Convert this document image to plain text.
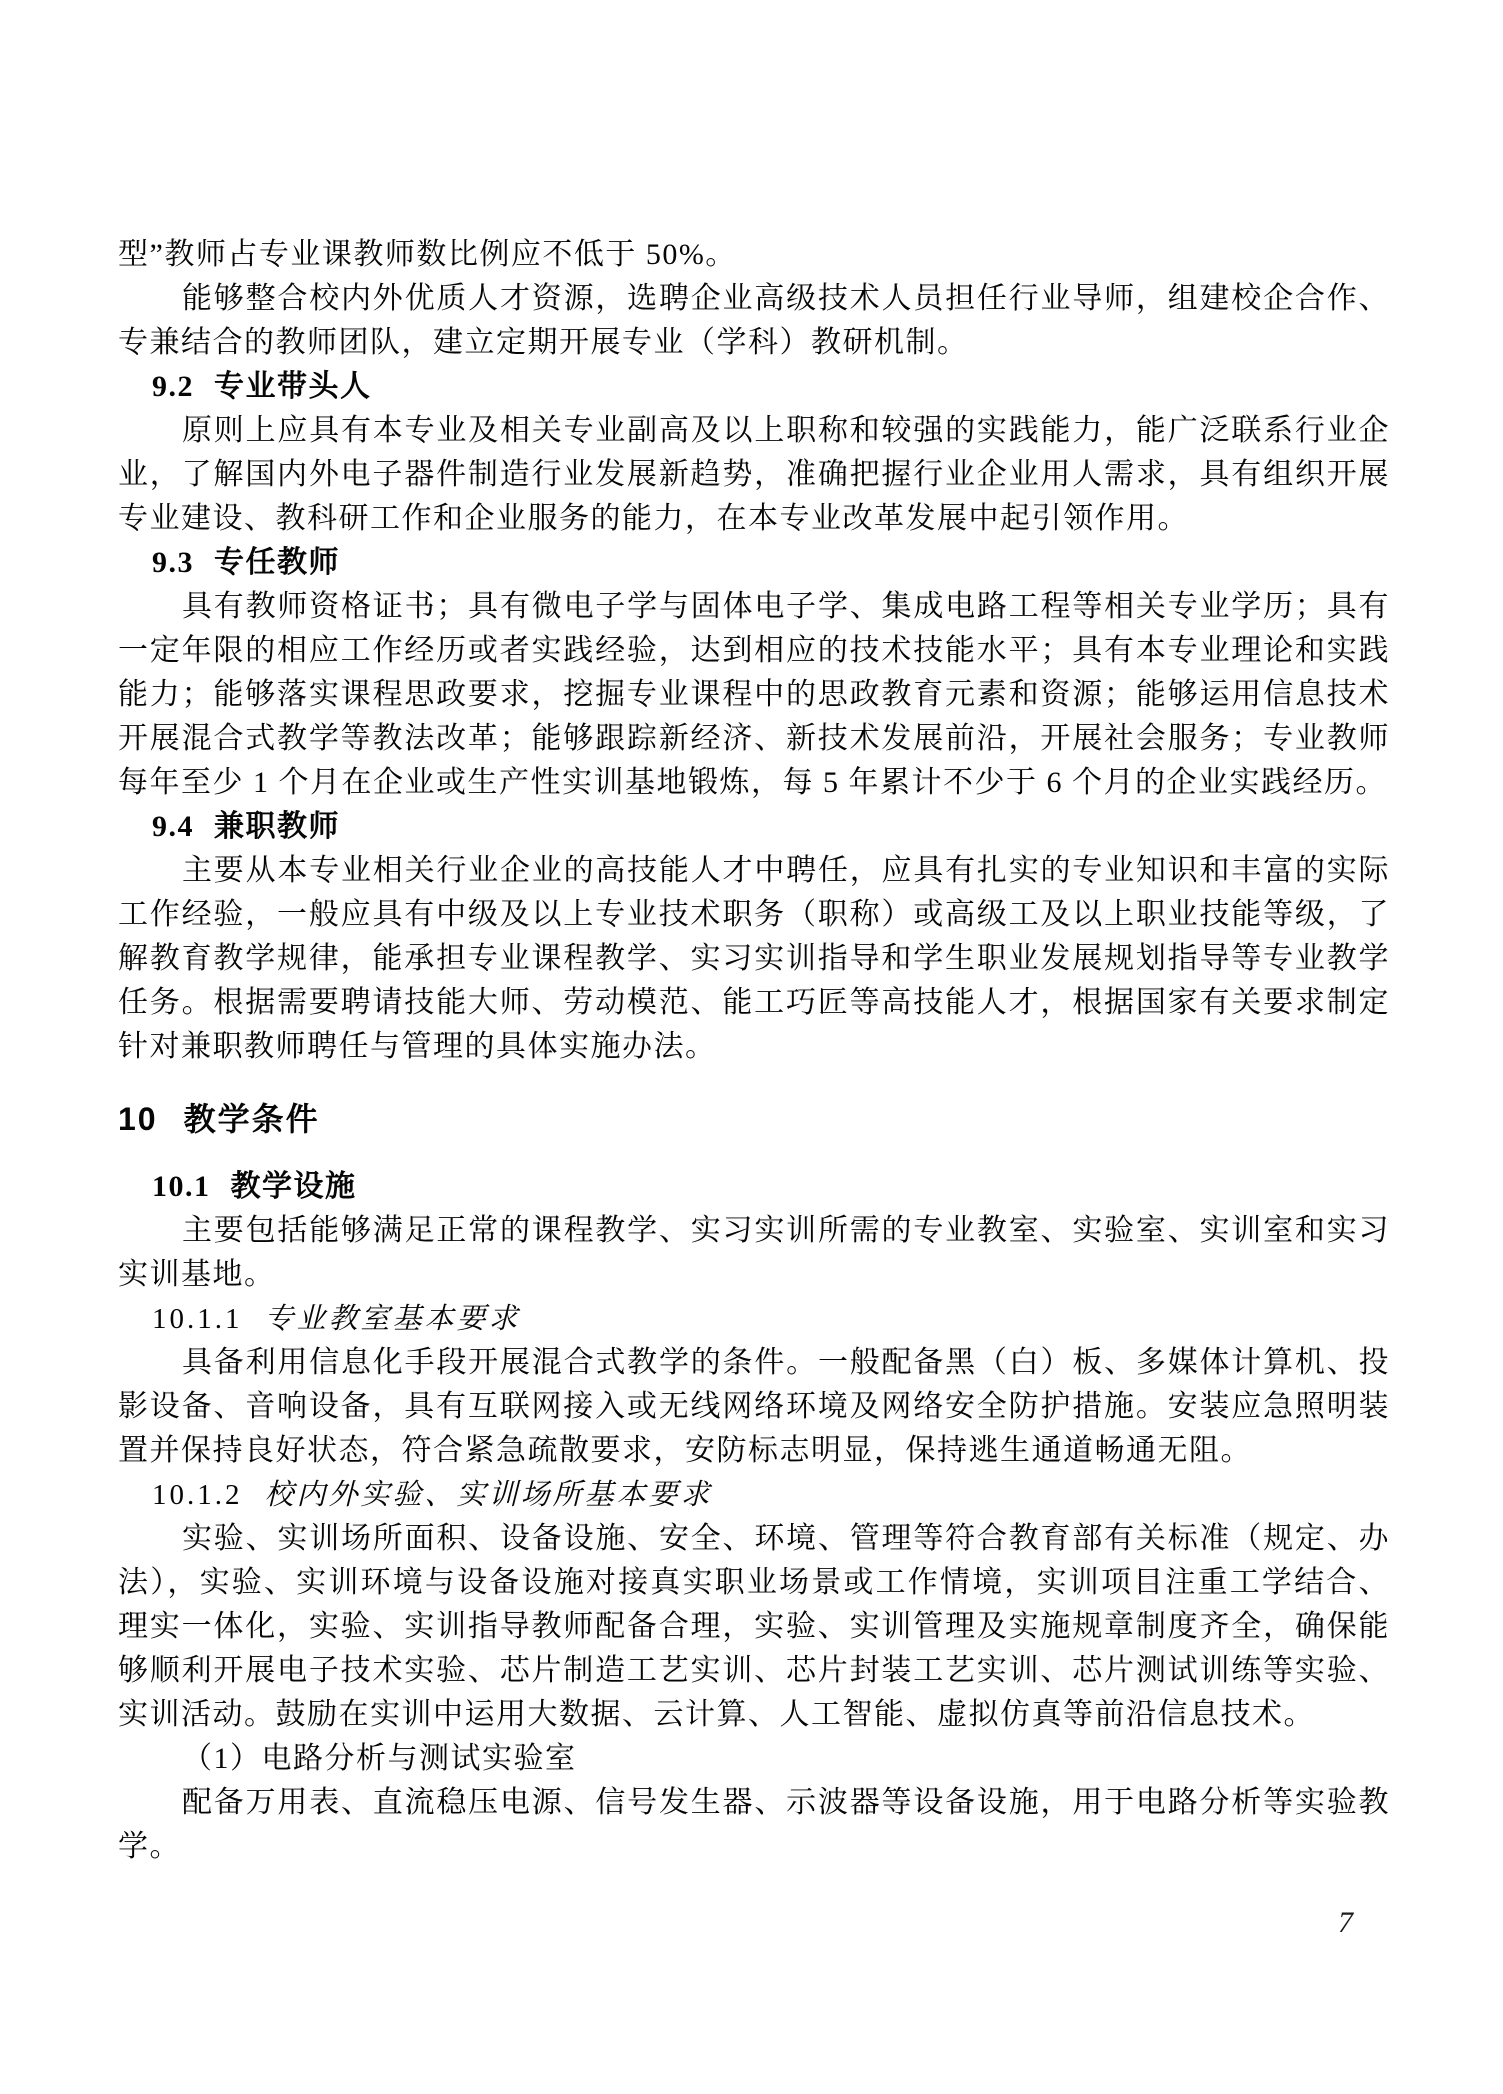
型”教师占专业课教师数比例应不低于 50%。

能够整合校内外优质人才资源，选聘企业高级技术人员担任行业导师，组建校企合作、专兼结合的教师团队，建立定期开展专业（学科）教研机制。

9.2 专业带头人

原则上应具有本专业及相关专业副高及以上职称和较强的实践能力，能广泛联系行业企业，了解国内外电子器件制造行业发展新趋势，准确把握行业企业用人需求，具有组织开展专业建设、教科研工作和企业服务的能力，在本专业改革发展中起引领作用。

9.3 专任教师

具有教师资格证书；具有微电子学与固体电子学、集成电路工程等相关专业学历；具有一定年限的相应工作经历或者实践经验，达到相应的技术技能水平；具有本专业理论和实践能力；能够落实课程思政要求，挖掘专业课程中的思政教育元素和资源；能够运用信息技术开展混合式教学等教法改革；能够跟踪新经济、新技术发展前沿，开展社会服务；专业教师每年至少 1 个月在企业或生产性实训基地锻炼，每 5 年累计不少于 6 个月的企业实践经历。

9.4 兼职教师

主要从本专业相关行业企业的高技能人才中聘任，应具有扎实的专业知识和丰富的实际工作经验，一般应具有中级及以上专业技术职务（职称）或高级工及以上职业技能等级，了解教育教学规律，能承担专业课程教学、实习实训指导和学生职业发展规划指导等专业教学任务。根据需要聘请技能大师、劳动模范、能工巧匠等高技能人才，根据国家有关要求制定针对兼职教师聘任与管理的具体实施办法。

10 教学条件
10.1 教学设施

主要包括能够满足正常的课程教学、实习实训所需的专业教室、实验室、实训室和实习实训基地。

10.1.1 专业教室基本要求

具备利用信息化手段开展混合式教学的条件。一般配备黑（白）板、多媒体计算机、投影设备、音响设备，具有互联网接入或无线网络环境及网络安全防护措施。安装应急照明装置并保持良好状态，符合紧急疏散要求，安防标志明显，保持逃生通道畅通无阻。

10.1.2 校内外实验、实训场所基本要求

实验、实训场所面积、设备设施、安全、环境、管理等符合教育部有关标准（规定、办法），实验、实训环境与设备设施对接真实职业场景或工作情境，实训项目注重工学结合、理实一体化，实验、实训指导教师配备合理，实验、实训管理及实施规章制度齐全，确保能够顺利开展电子技术实验、芯片制造工艺实训、芯片封装工艺实训、芯片测试训练等实验、实训活动。鼓励在实训中运用大数据、云计算、人工智能、虚拟仿真等前沿信息技术。

（1）电路分析与测试实验室

配备万用表、直流稳压电源、信号发生器、示波器等设备设施，用于电路分析等实验教学。

7
